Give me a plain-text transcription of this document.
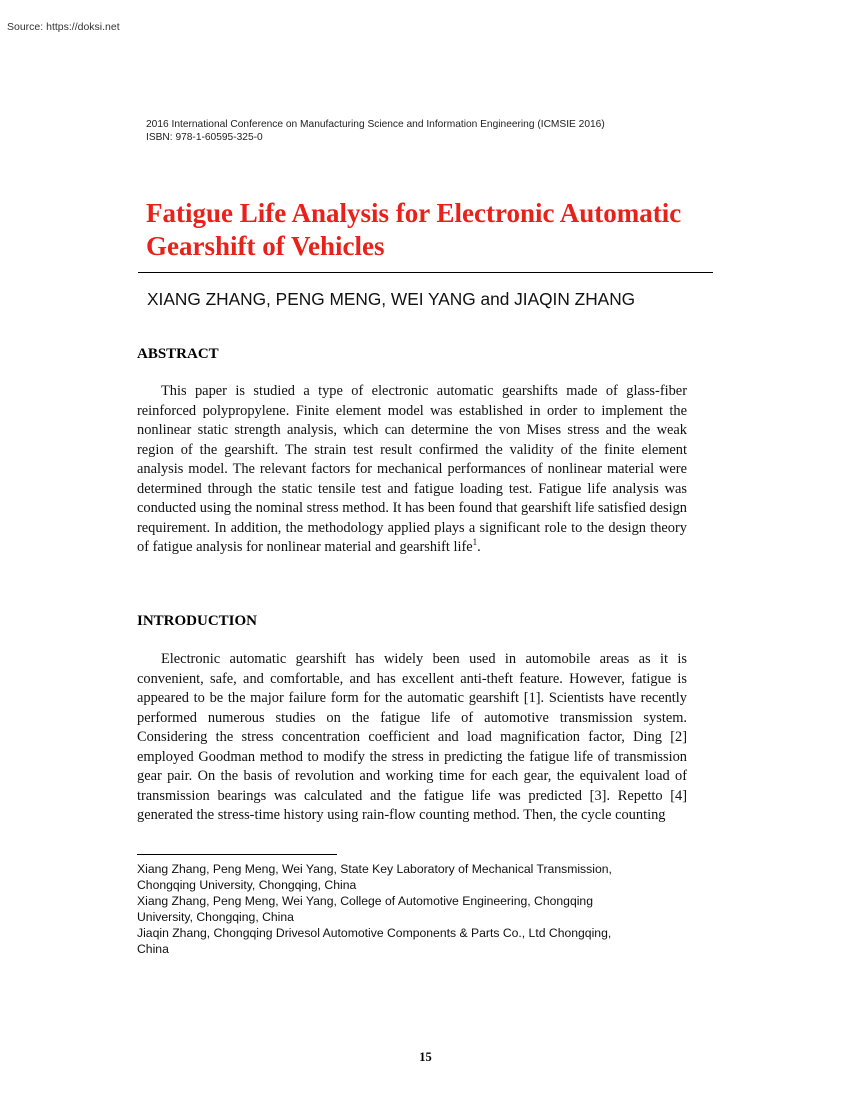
Source: https://doksi.net
2016 International Conference on Manufacturing Science and Information Engineering (ICMSIE 2016)
ISBN: 978-1-60595-325-0
Fatigue Life Analysis for Electronic Automatic
Gearshift of Vehicles
XIANG ZHANG, PENG MENG, WEI YANG and JIAQIN ZHANG
ABSTRACT

This paper is studied a type of electronic automatic gearshifts made of glass-fiber reinforced polypropylene. Finite element model was established in order to implement the nonlinear static strength analysis, which can determine the von Mises stress and the weak region of the gearshift. The strain test result confirmed the validity of the finite element analysis model. The relevant factors for mechanical performances of nonlinear material were determined through the static tensile test and fatigue loading test. Fatigue life analysis was conducted using the nominal stress method. It has been found that gearshift life satisfied design requirement. In addition, the methodology applied plays a significant role to the design theory of fatigue analysis for nonlinear material and gearshift life$^1$.

INTRODUCTION

Electronic automatic gearshift has widely been used in automobile areas as it is convenient, safe, and comfortable, and has excellent anti-theft feature. However, fatigue is appeared to be the major failure form for the automatic gearshift [1]. Scientists have recently performed numerous studies on the fatigue life of automotive transmission system. Considering the stress concentration coefficient and load magnification factor, Ding [2] employed Goodman method to modify the stress in predicting the fatigue life of transmission gear pair. On the basis of revolution and working time for each gear, the equivalent load of transmission bearings was calculated and the fatigue life was predicted [3]. Repetto [4] generated the stress-time history using rain-flow counting method. Then, the cycle counting

Xiang Zhang, Peng Meng, Wei Yang, State Key Laboratory of Mechanical Transmission,
Chongqing University, Chongqing, China
Xiang Zhang, Peng Meng, Wei Yang, College of Automotive Engineering, Chongqing
University, Chongqing, China
Jiaqin Zhang, Chongqing Drivesol Automotive Components & Parts Co., Ltd Chongqing,
China
15
